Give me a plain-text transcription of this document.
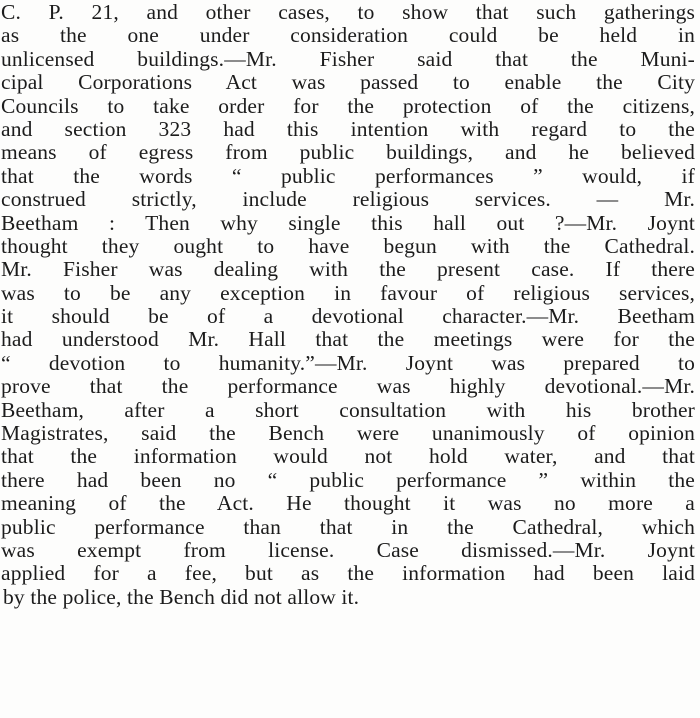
C. P. 21, and other cases, to show that such gatherings
as the one under consideration could be held in
unlicensed buildings.—Mr. Fisher said that the Muni-
cipal Corporations Act was passed to enable the City
Councils to take order for the protection of the citizens,
and section 323 had this intention with regard to the
means of egress from public buildings, and he believed
that the words “ public performances ” would, if
construed strictly, include religious services. — Mr.
Beetham : Then why single this hall out ?—Mr. Joynt
thought they ought to have begun with the Cathedral.
Mr. Fisher was dealing with the present case. If there
was to be any exception in favour of religious services,
it should be of a devotional character.—Mr. Beetham
had understood Mr. Hall that the meetings were for the
“ devotion to humanity.”—Mr. Joynt was prepared to
prove that the performance was highly devotional.—Mr.
Beetham, after a short consultation with his brother
Magistrates, said the Bench were unanimously of opinion
that the information would not hold water, and that
there had been no “ public performance ” within the
meaning of the Act. He thought it was no more a
public performance than that in the Cathedral, which
was exempt from license. Case dismissed.—Mr. Joynt
applied for a fee, but as the information had been laid
by the police, the Bench did not allow it.
